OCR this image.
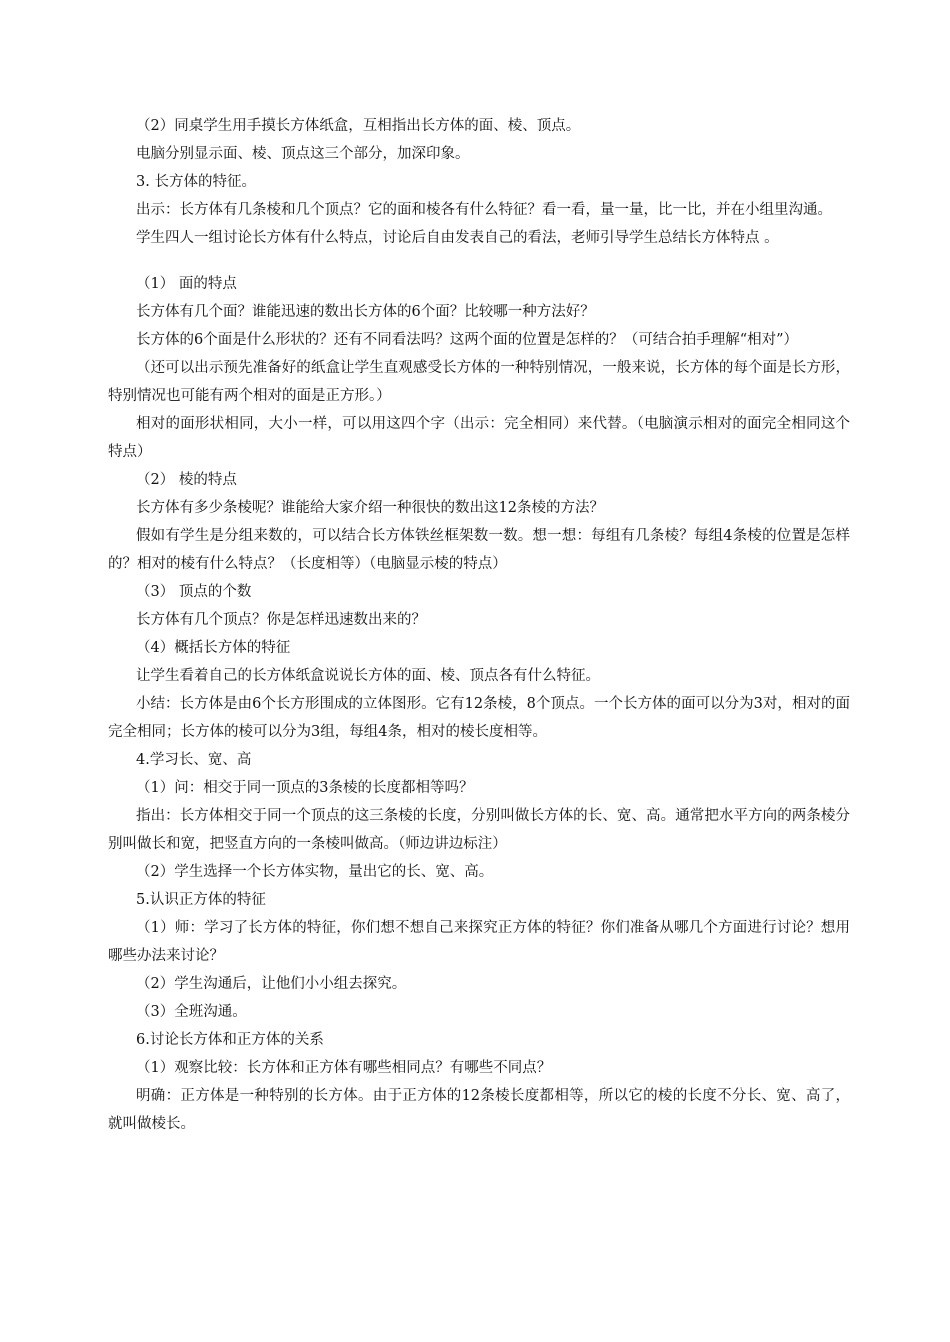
（2）同桌学生用手摸长方体纸盒，互相指出长方体的面、棱、顶点。

电脑分别显示面、棱、顶点这三个部分，加深印象。

3. 长方体的特征。

出示：长方体有几条棱和几个顶点？它的面和棱各有什么特征？看一看，量一量，比一比，并在小组里沟通。

学生四人一组讨论长方体有什么特点，讨论后自由发表自己的看法，老师引导学生总结长方体特点 。

（1） 面的特点

长方体有几个面？谁能迅速的数出长方体的6个面？比较哪一种方法好？

长方体的6个面是什么形状的？还有不同看法吗？这两个面的位置是怎样的？（可结合拍手理解“相对”）

（还可以出示预先准备好的纸盒让学生直观感受长方体的一种特别情况，一般来说，长方体的每个面是长方形，特别情况也可能有两个相对的面是正方形。）

相对的面形状相同，大小一样，可以用这四个字（出示：完全相同）来代替。（电脑演示相对的面完全相同这个特点）

（2） 棱的特点

长方体有多少条棱呢？谁能给大家介绍一种很快的数出这12条棱的方法？

假如有学生是分组来数的，可以结合长方体铁丝框架数一数。想一想：每组有几条棱？每组4条棱的位置是怎样的？相对的棱有什么特点？（长度相等）（电脑显示棱的特点）

（3） 顶点的个数

长方体有几个顶点？你是怎样迅速数出来的？

（4）概括长方体的特征

让学生看着自己的长方体纸盒说说长方体的面、棱、顶点各有什么特征。

小结：长方体是由6个长方形围成的立体图形。它有12条棱，8个顶点。一个长方体的面可以分为3对，相对的面完全相同；长方体的棱可以分为3组，每组4条，相对的棱长度相等。

4.学习长、宽、高

（1）问：相交于同一顶点的3条棱的长度都相等吗？

指出：长方体相交于同一个顶点的这三条棱的长度，分别叫做长方体的长、宽、高。通常把水平方向的两条棱分别叫做长和宽，把竖直方向的一条棱叫做高。（师边讲边标注）

（2）学生选择一个长方体实物，量出它的长、宽、高。

5.认识正方体的特征

（1）师：学习了长方体的特征，你们想不想自己来探究正方体的特征？你们准备从哪几个方面进行讨论？想用哪些办法来讨论？

（2）学生沟通后，让他们小小组去探究。

（3）全班沟通。

6.讨论长方体和正方体的关系

（1）观察比较：长方体和正方体有哪些相同点？有哪些不同点？

明确：正方体是一种特别的长方体。由于正方体的12条棱长度都相等，所以它的棱的长度不分长、宽、高了，就叫做棱长。
